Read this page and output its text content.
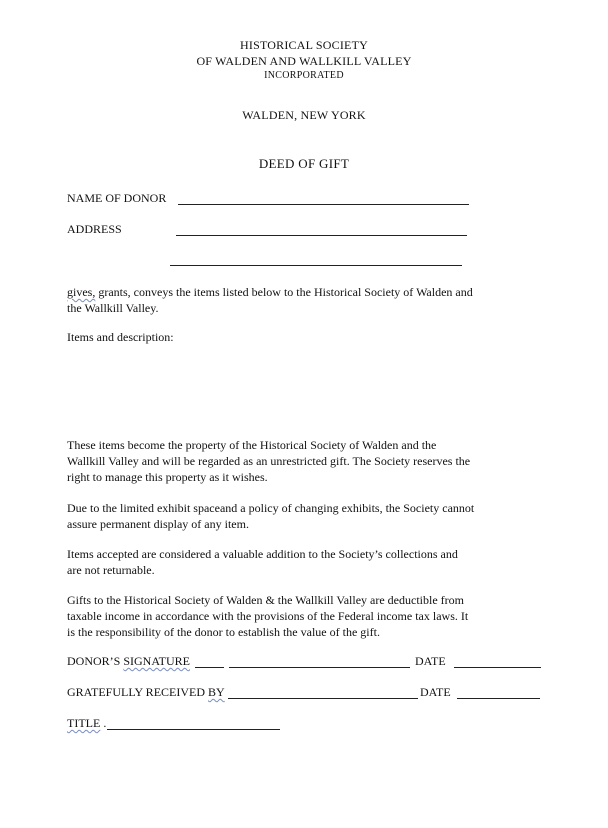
HISTORICAL SOCIETY
OF WALDEN AND WALLKILL VALLEY
INCORPORATED
WALDEN, NEW YORK
DEED OF GIFT
NAME OF DONOR
ADDRESS
gives, grants, conveys the items listed below to the Historical Society of Walden and
the Wallkill Valley.
Items and description:
These items become the property of the Historical Society of Walden and the
Wallkill Valley and will be regarded as an unrestricted gift. The Society reserves the
right to manage this property as it wishes.
Due to the limited exhibit spaceand a policy of changing exhibits, the Society cannot
assure permanent display of any item.
Items accepted are considered a valuable addition to the Society’s collections and
are not returnable.
Gifts to the Historical Society of Walden & the Wallkill Valley are deductible from
taxable income in accordance with the provisions of the Federal income tax laws. It
is the responsibility of the donor to establish the value of the gift.
DONOR’S SIGNATURE	DATE
GRATEFULLY RECEIVED BY	DATE
TITLE .
